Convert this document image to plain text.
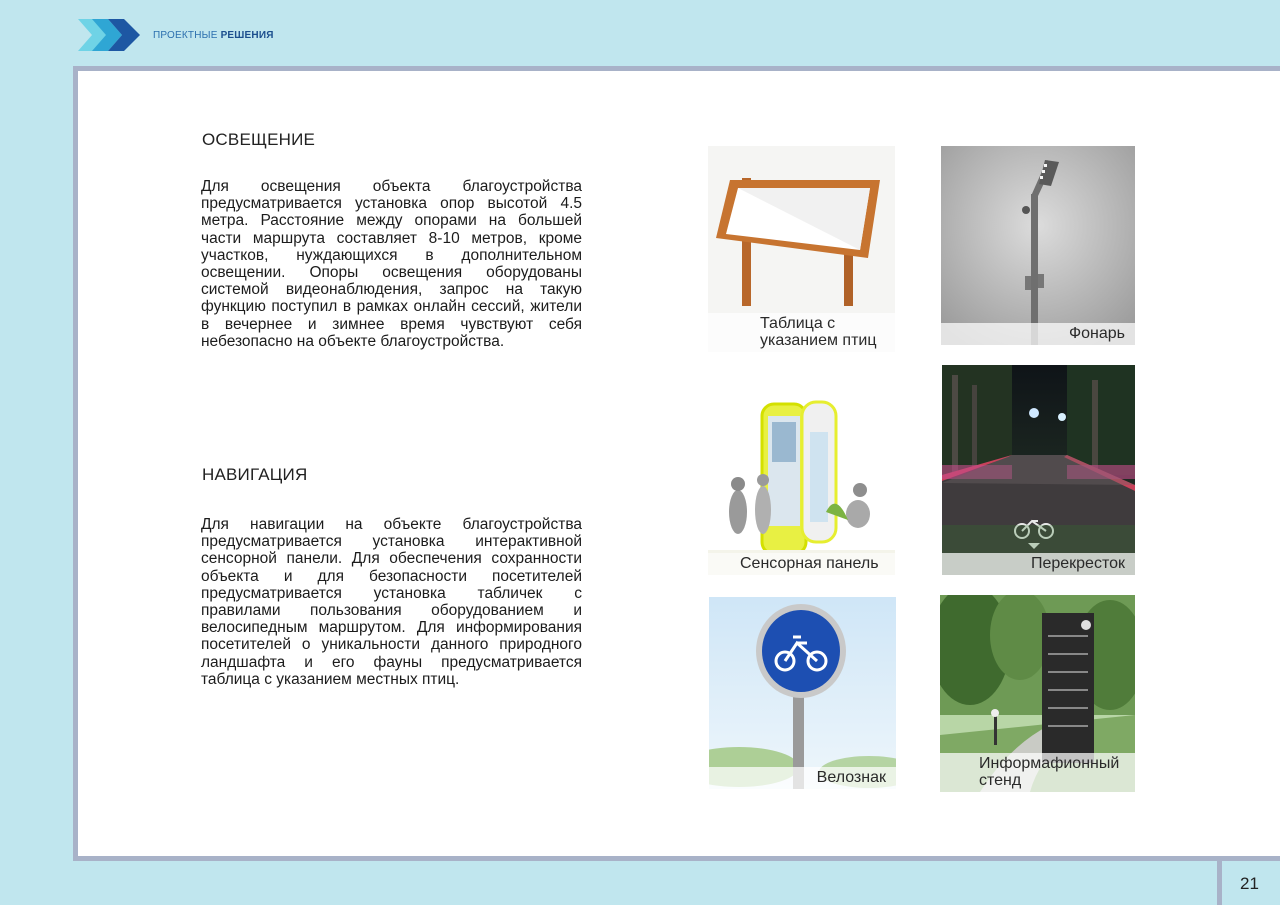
ПРОЕКТНЫЕ РЕШЕНИЯ
ОСВЕЩЕНИЕ

Для освещения объекта благоустройства предусматривается установка опор высотой 4.5 метра. Расстояние между опорами на большей части маршрута составляет 8-10 метров, кроме участков, нуждающихся в дополнительном освещении. Опоры освещения оборудованы системой видеонаблюдения, запрос на такую функцию поступил в рамках онлайн сессий, жители в вечернее и зимнее время чувствуют себя небезопасно на объекте благоустройства.

НАВИГАЦИЯ

Для навигации на объекте благоустройства предусматривается установка интерактивной сенсорной панели. Для обеспечения сохранности объекта и для безопасности посетителей предусматривается установка табличек с правилами пользования оборудованием и велосипедным маршрутом. Для информирования посетителей о уникальности данного природного ландшафта и его фауны предусматривается таблица с указанием местных птиц.

Таблица с указанием птиц	Фонарь
Сенсорная панель	Перекресток
Велознак
Информафионный стенд
21
